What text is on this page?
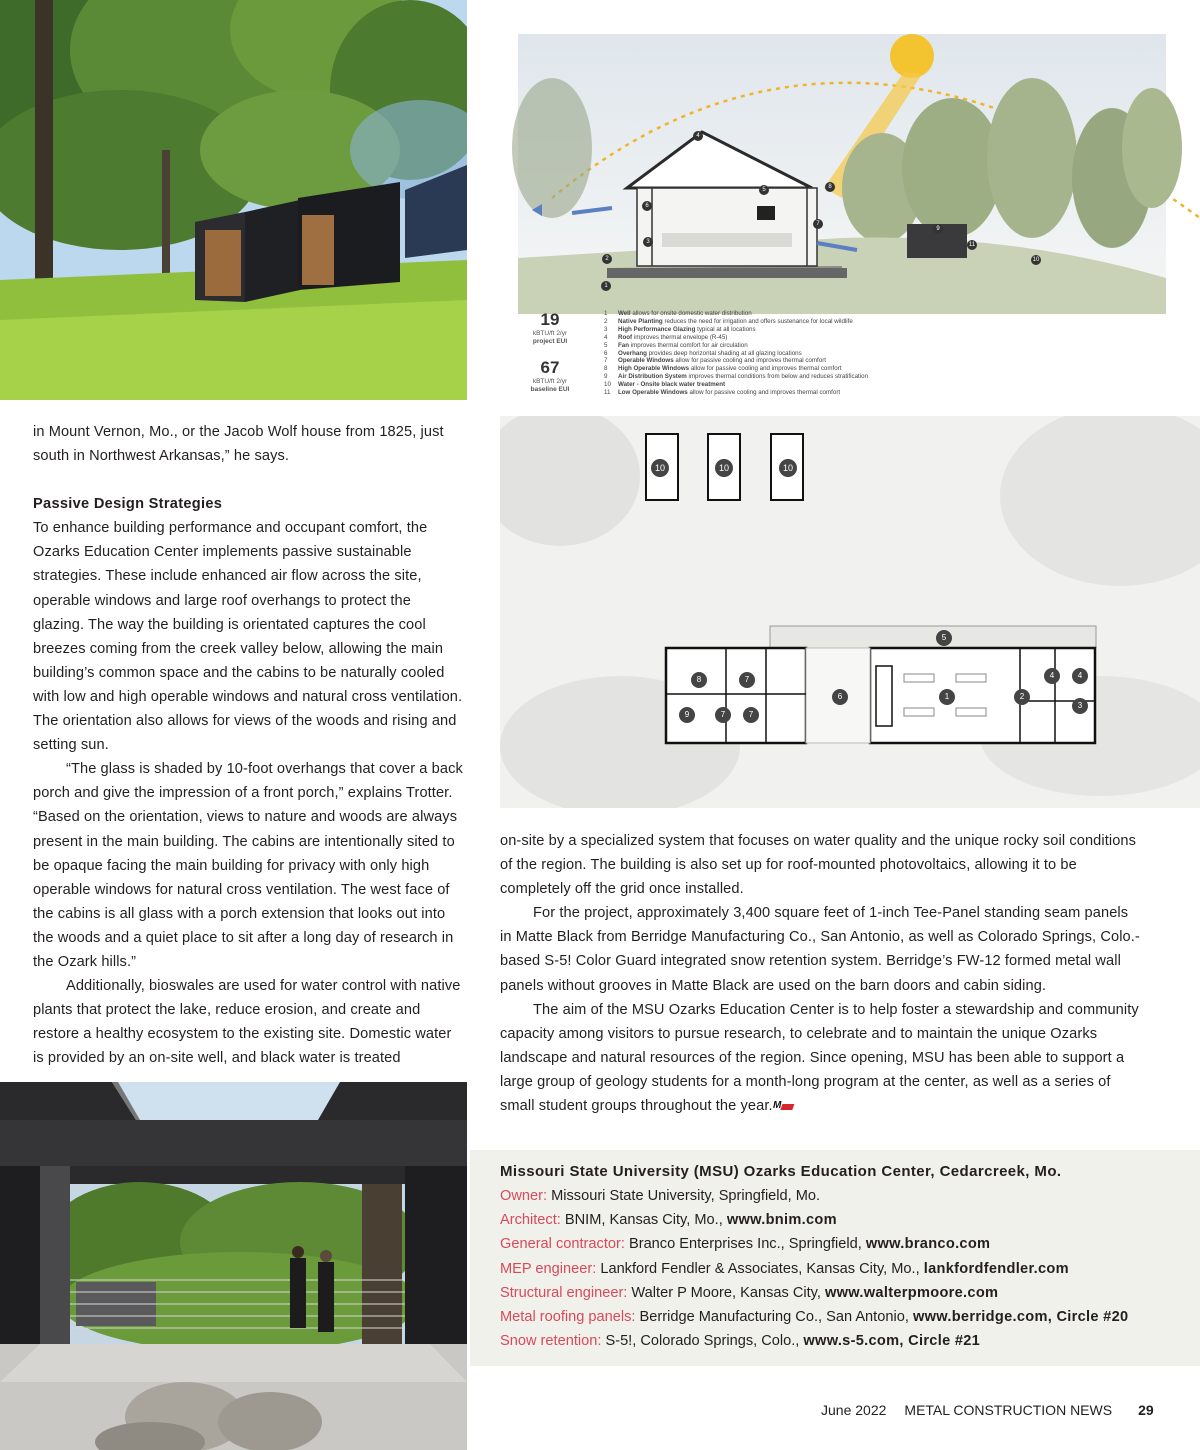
19
kBTU/ft 2/yr
project EUI
67
kBTU/ft 2/yr
baseline EUI
1 Well allows for onsite domestic water distribution
2 Native Planting reduces the need for irrigation and offers sustenance for local wildlife
3 High Performance Glazing typical at all locations
4 Roof improves thermal envelope (R-45)
5 Fan improves thermal comfort for air circulation
6 Overhang provides deep horizontal shading at all glazing locations
7 Operable Windows allow for passive cooling and improves thermal comfort
8 High Operable Windows allow for passive cooling and improves thermal comfort
9 Air Distribution System improves thermal conditions from below and reduces stratification
10 Water - Onsite black water treatment
11 Low Operable Windows allow for passive cooling and improves thermal comfort
1
2
3
4
5
6
7
8
9
10
11
10	10	10
5
8	7
9	7	7
6	1	2
4	4
3

in Mount Vernon, Mo., or the Jacob Wolf house from 1825, just south in Northwest Arkansas,” he says.

Passive Design Strategies

To enhance building performance and occupant comfort, the Ozarks Education Center implements passive sustainable strategies. These include enhanced air flow across the site, operable windows and large roof overhangs to protect the glazing. The way the building is orientated captures the cool breezes coming from the creek valley below, allowing the main building’s common space and the cabins to be naturally cooled with low and high operable windows and natural cross ventilation. The orientation also allows for views of the woods and rising and setting sun.

“The glass is shaded by 10-foot overhangs that cover a back porch and give the impression of a front porch,” explains Trotter. “Based on the orientation, views to nature and woods are always present in the main building. The cabins are intentionally sited to be opaque facing the main building for privacy with only high operable windows for natural cross ventilation. The west face of the cabins is all glass with a porch extension that looks out into the woods and a quiet place to sit after a long day of research in the Ozark hills.”

Additionally, bioswales are used for water control with native plants that protect the lake, reduce erosion, and create and restore a healthy ecosystem to the existing site. Domestic water is provided by an on-site well, and black water is treated

on-site by a specialized system that focuses on water quality and the unique rocky soil conditions of the region. The building is also set up for roof-mounted photovoltaics, allowing it to be completely off the grid once installed.

For the project, approximately 3,400 square feet of 1-inch Tee-Panel standing seam panels in Matte Black from Berridge Manufacturing Co., San Antonio, as well as Colorado Springs, Colo.-based S-5! Color Guard integrated snow retention system. Berridge’s FW-12 formed metal wall panels without grooves in Matte Black are used on the barn doors and cabin siding.

The aim of the MSU Ozarks Education Center is to help foster a stewardship and community capacity among visitors to pursue research, to celebrate and to maintain the unique Ozarks landscape and natural resources of the region. Since opening, MSU has been able to support a large group of geology students for a month-long program at the center, as well as a series of small student groups throughout the year. M

Missouri State University (MSU) Ozarks Education Center, Cedarcreek, Mo.
Owner: Missouri State University, Springfield, Mo.
Architect: BNIM, Kansas City, Mo., www.bnim.com
General contractor: Branco Enterprises Inc., Springfield, www.branco.com
MEP engineer: Lankford Fendler & Associates, Kansas City, Mo., lankfordfendler.com
Structural engineer: Walter P Moore, Kansas City, www.walterpmoore.com
Metal roofing panels: Berridge Manufacturing Co., San Antonio, www.berridge.com, Circle #20
Snow retention: S-5!, Colorado Springs, Colo., www.s-5.com, Circle #21
June 2022 METAL CONSTRUCTION NEWS 29
